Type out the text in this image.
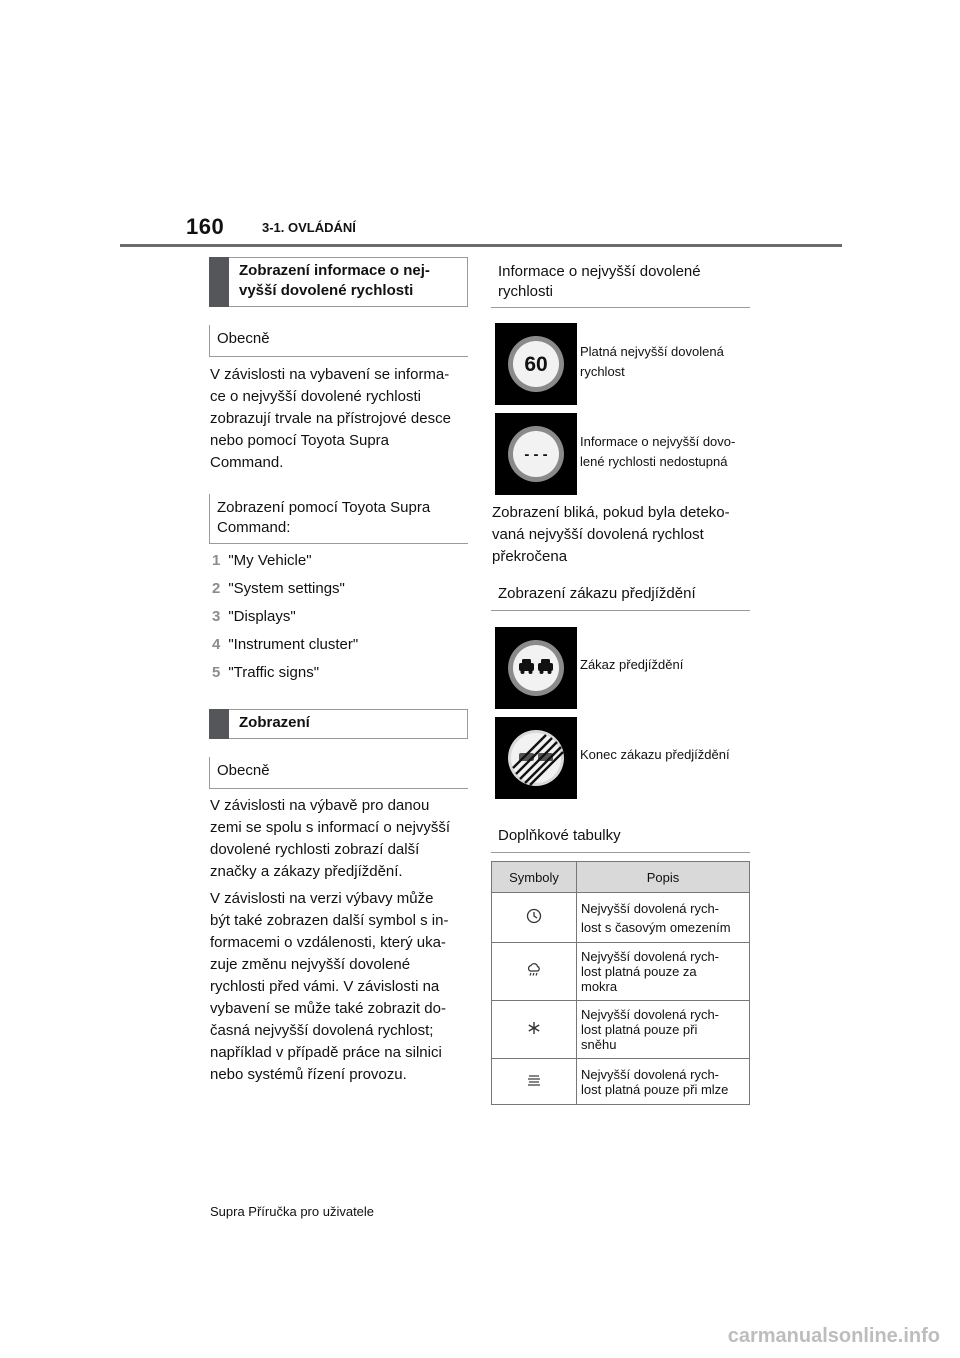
160	3-1. OVLÁDÁNÍ
Zobrazení informace o nej-
vyšší dovolené rychlosti
Obecně
V závislosti na vybavení se informa-
ce o nejvyšší dovolené rychlosti
zobrazují trvale na přístrojové desce
nebo pomocí Toyota Supra
Command.
Zobrazení pomocí Toyota Supra
Command:
1 "My Vehicle"
2 "System settings"
3 "Displays"
4 "Instrument cluster"
5 "Traffic signs"
Zobrazení
Obecně
V závislosti na výbavě pro danou
zemi se spolu s informací o nejvyšší
dovolené rychlosti zobrazí další
značky a zákazy předjíždění.
V závislosti na verzi výbavy může
být také zobrazen další symbol s in-
formacemi o vzdálenosti, který uka-
zuje změnu nejvyšší dovolené
rychlosti před vámi. V závislosti na
vybavení se může také zobrazit do-
časná nejvyšší dovolená rychlost;
například v případě práce na silnici
nebo systémů řízení provozu.
Informace o nejvyšší dovolené
rychlosti
60
Platná nejvyšší dovolená
rychlost
- - -
Informace o nejvyšší dovo-
lené rychlosti nedostupná
Zobrazení bliká, pokud byla deteko-
vaná nejvyšší dovolená rychlost
překročena
Zobrazení zákazu předjíždění
Zákaz předjíždění
Konec zákazu předjíždění
Doplňkové tabulky
Symboly	Popis

Nejvyšší dovolená rych-
lost s časovým omezením

Nejvyšší dovolená rych-
lost platná pouze za
mokra

Nejvyšší dovolená rych-
lost platná pouze při
sněhu

Nejvyšší dovolená rych-
lost platná pouze při mlze
Supra Příručka pro uživatele
carmanualsonline.info
